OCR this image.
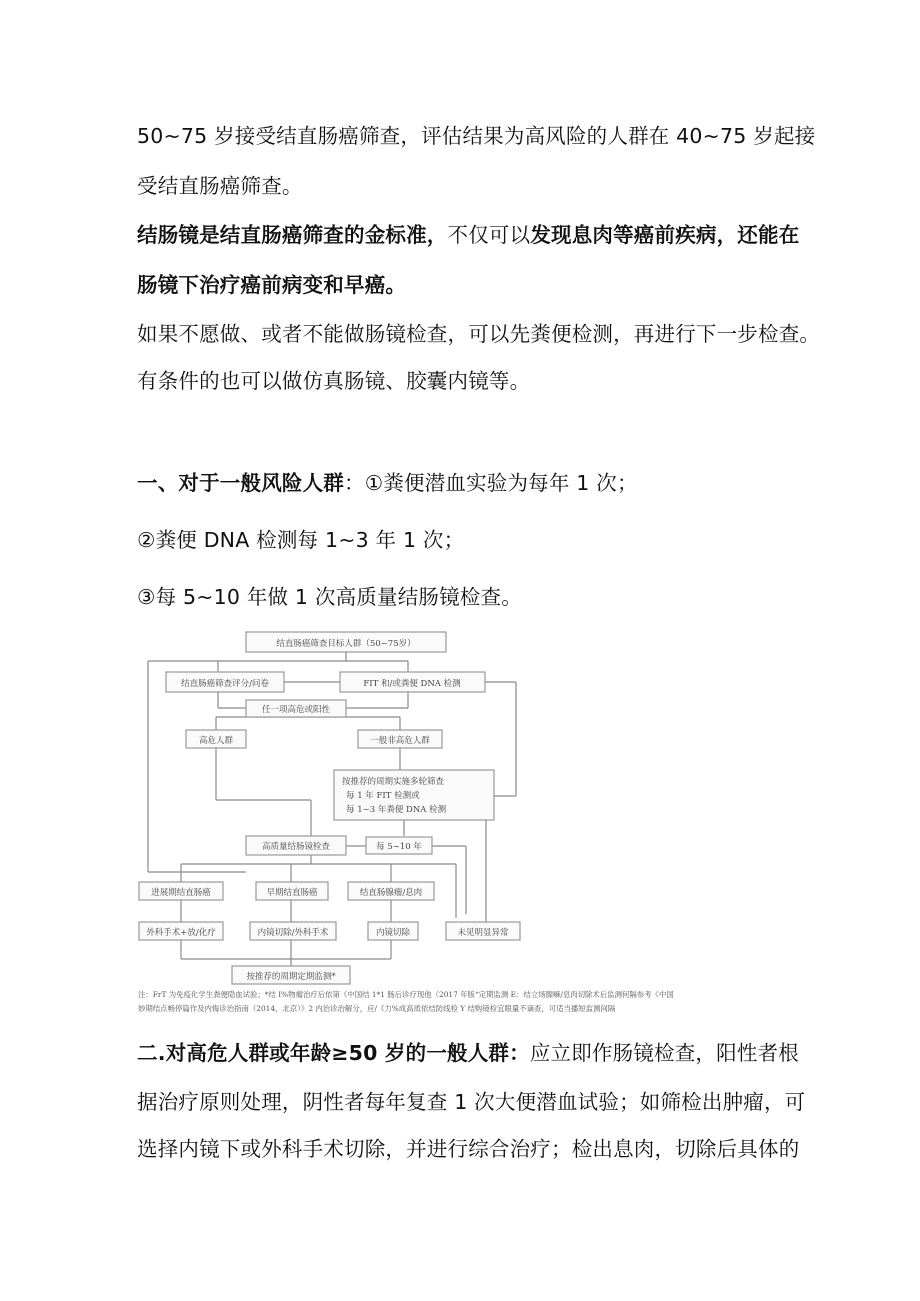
50~75 岁接受结直肠癌筛查，评估结果为高风险的人群在 40~75 岁起接
受结直肠癌筛查。
结肠镜是结直肠癌筛查的金标准，不仅可以发现息肉等癌前疾病，还能在
肠镜下治疗癌前病变和早癌。
如果不愿做、或者不能做肠镜检查，可以先粪便检测，再进行下一步检查。
有条件的也可以做仿真肠镜、胶囊内镜等。
一、对于一般风险人群：①粪便潜血实验为每年 1 次；
②粪便 DNA 检测每 1~3 年 1 次；
③每 5~10 年做 1 次高质量结肠镜检查。
结直肠癌筛查目标人群（50~75岁）
结直肠癌筛查评分/问卷	FIT 和/或粪便 DNA 检测
任一项高危或阳性
高危人群	一般非高危人群
按推荐的周期实施多轮筛查
每 1 年 FIT 检测或
每 1~3 年粪便 DNA 检测
高质量结肠镜检查	每 5~10 年
进展期结直肠癌	早期结直肠癌	结直肠腺瘤/息肉
外科手术+放/化疗	内镜切除/外科手术	内镜切除	未见明显异常
按推荐的周期定期监测*
注：FrT 为免疫化学生粪便隐血试验；*结 I%物瘤治疗后依第《中国结 1*1 肠后诊疗现他（2017 年版“定期监测 E：结立场腺嘛/息肉切除术后监测何隔参考《中国
妙期结点畅停篇作及内悔诊治指南（2014，北京）》2 内治诊治解分，应/《力%成高质依结防线检 Y 结购镜检宜眼量不谪查，可适当播短监测间隔
二.对高危人群或年龄≥50 岁的一般人群：应立即作肠镜检查，阳性者根
据治疗原则处理，阴性者每年复查 1 次大便潜血试验；如筛检出肿瘤，可
选择内镜下或外科手术切除，并进行综合治疗；检出息肉，切除后具体的
